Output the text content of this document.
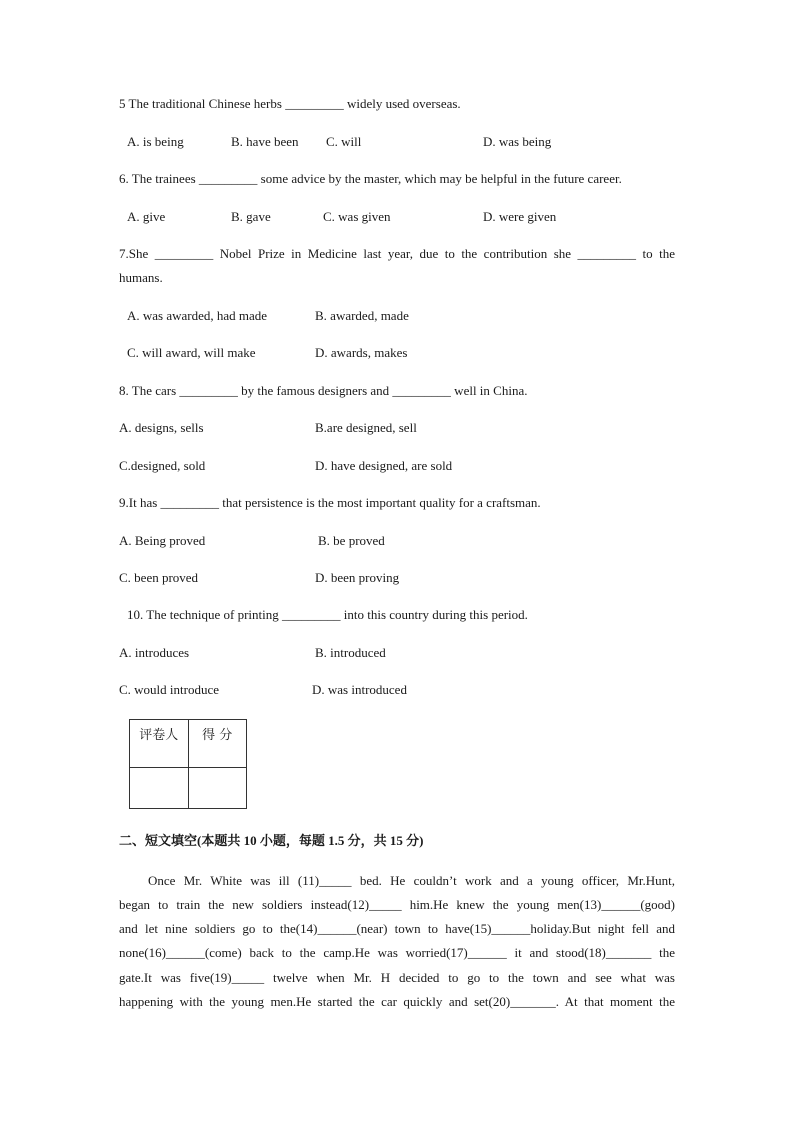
5 The traditional Chinese herbs _________ widely used overseas.
A. is being	B. have been C. will	D. was being
6. The trainees _________ some advice by the master, which may be helpful in the future career.
A. give	B. gave	C. was given	D. were given
7.She _________ Nobel Prize in Medicine last year, due to the contribution she _________ to the
humans.
A. was awarded, had made	B. awarded, made
C. will award, will make	D. awards, makes
8. The cars _________ by the famous designers and _________ well in China.
A. designs, sells	B.are designed, sell
C.designed, sold	D. have designed, are sold
9.It has _________ that persistence is the most important quality for a craftsman.
A. Being proved	B. be proved
C. been proved	D. been proving
10. The technique of printing _________ into this country during this period.
A. introduces	B. introduced
C. would introduce	D. was introduced
评卷人	得 分

二、短文填空(本题共 10 小题，每题 1.5 分，共 15 分)
Once Mr. White was ill (11)_____ bed. He couldn’t work and a young officer, Mr.Hunt,
began to train the new soldiers instead(12)_____ him.He knew the young men(13)______(good)
and let nine soldiers go to the(14)______(near) town to have(15)______holiday.But night fell and
none(16)______(come) back to the camp.He was worried(17)______ it and stood(18)_______ the
gate.It was five(19)_____ twelve when Mr. H decided to go to the town and see what was
happening with the young men.He started the car quickly and set(20)_______. At that moment the
